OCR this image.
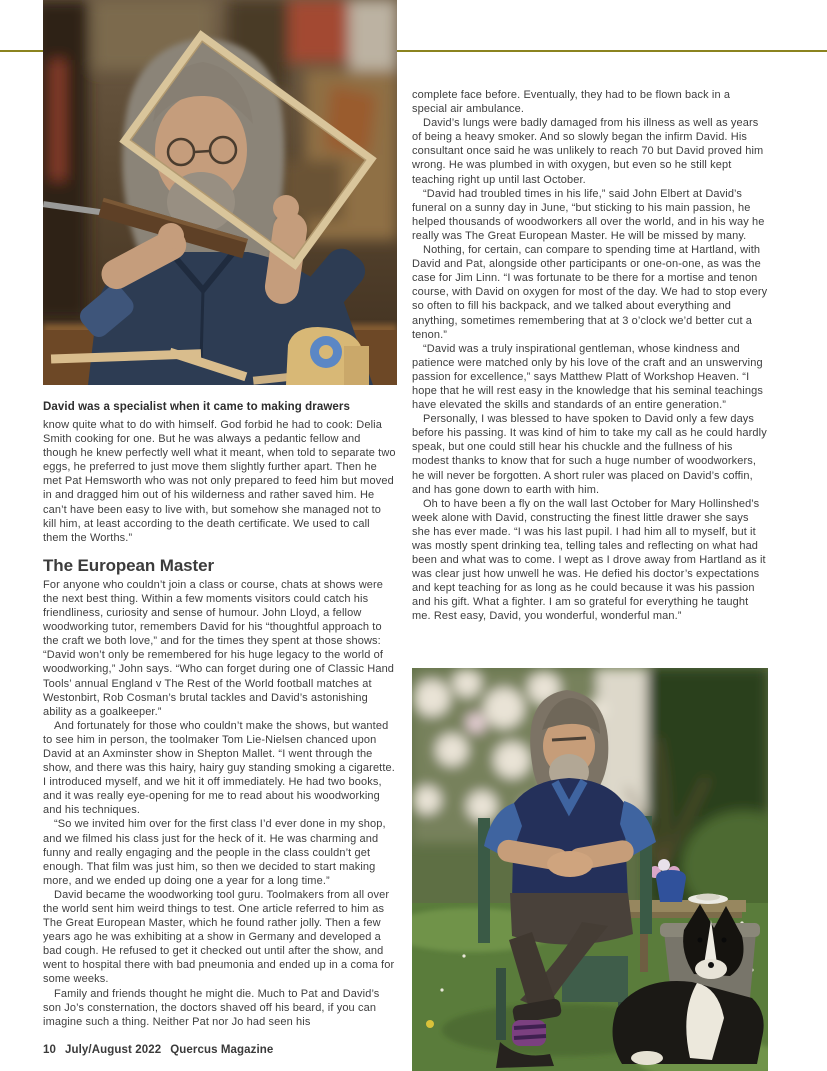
David was a specialist when it came to making drawers

know quite what to do with himself. God forbid he had to cook: Delia Smith cooking for one. But he was always a pedantic fellow and though he knew perfectly well what it meant, when told to separate two eggs, he preferred to just move them slightly further apart. Then he met Pat Hemsworth who was not only prepared to feed him but moved in and dragged him out of his wilderness and rather saved him. He can’t have been easy to live with, but somehow she managed not to kill him, at least according to the death certificate. We used to call them the Worths.”

The European Master

For anyone who couldn’t join a class or course, chats at shows were the next best thing. Within a few moments visitors could catch his friendliness, curiosity and sense of humour. John Lloyd, a fellow woodworking tutor, remembers David for his “thoughtful approach to the craft we both love,” and for the times they spent at those shows: “David won’t only be remembered for his huge legacy to the world of woodworking,” John says. “Who can forget during one of Classic Hand Tools’ annual England v The Rest of the World football matches at Westonbirt, Rob Cosman’s brutal tackles and David’s astonishing ability as a goalkeeper.”

And fortunately for those who couldn’t make the shows, but wanted to see him in person, the toolmaker Tom Lie-Nielsen chanced upon David at an Axminster show in Shepton Mallet. “I went through the show, and there was this hairy, hairy guy standing smoking a cigarette. I introduced myself, and we hit it off immediately. He had two books, and it was really eye-opening for me to read about his woodworking and his techniques.

“So we invited him over for the first class I’d ever done in my shop, and we filmed his class just for the heck of it. He was charming and funny and really engaging and the people in the class couldn’t get enough. That film was just him, so then we decided to start making more, and we ended up doing one a year for a long time.”

David became the woodworking tool guru. Toolmakers from all over the world sent him weird things to test. One article referred to him as The Great European Master, which he found rather jolly. Then a few years ago he was exhibiting at a show in Germany and developed a bad cough. He refused to get it checked out until after the show, and went to hospital there with bad pneumonia and ended up in a coma for some weeks.

Family and friends thought he might die. Much to Pat and David’s son Jo’s consternation, the doctors shaved off his beard, if you can imagine such a thing. Neither Pat nor Jo had seen his

complete face before. Eventually, they had to be flown back in a special air ambulance.

David’s lungs were badly damaged from his illness as well as years of being a heavy smoker. And so slowly began the infirm David. His consultant once said he was unlikely to reach 70 but David proved him wrong. He was plumbed in with oxygen, but even so he still kept teaching right up until last October.

“David had troubled times in his life,” said John Elbert at David’s funeral on a sunny day in June, “but sticking to his main passion, he helped thousands of woodworkers all over the world, and in his way he really was The Great European Master. He will be missed by many.

Nothing, for certain, can compare to spending time at Hartland, with David and Pat, alongside other participants or one-on-one, as was the case for Jim Linn. “I was fortunate to be there for a mortise and tenon course, with David on oxygen for most of the day. We had to stop every so often to fill his backpack, and we talked about everything and anything, sometimes remembering that at 3 o’clock we’d better cut a tenon.”

“David was a truly inspirational gentleman, whose kindness and patience were matched only by his love of the craft and an unswerving passion for excellence,” says Matthew Platt of Workshop Heaven. “I hope that he will rest easy in the knowledge that his seminal teachings have elevated the skills and standards of an entire generation.”

Personally, I was blessed to have spoken to David only a few days before his passing. It was kind of him to take my call as he could hardly speak, but one could still hear his chuckle and the fullness of his modest thanks to know that for such a huge number of woodworkers, he will never be forgotten. A short ruler was placed on David’s coffin, and has gone down to earth with him.

Oh to have been a fly on the wall last October for Mary Hollinshed’s week alone with David, constructing the finest little drawer she says she has ever made. “I was his last pupil. I had him all to myself, but it was mostly spent drinking tea, telling tales and reflecting on what had been and what was to come. I wept as I drove away from Hartland as it was clear just how unwell he was. He defied his doctor’s expectations and kept teaching for as long as he could because it was his passion and his gift. What a fighter. I am so grateful for everything he taught me. Rest easy, David, you wonderful, wonderful man.”

10 July/August 2022 Quercus Magazine
